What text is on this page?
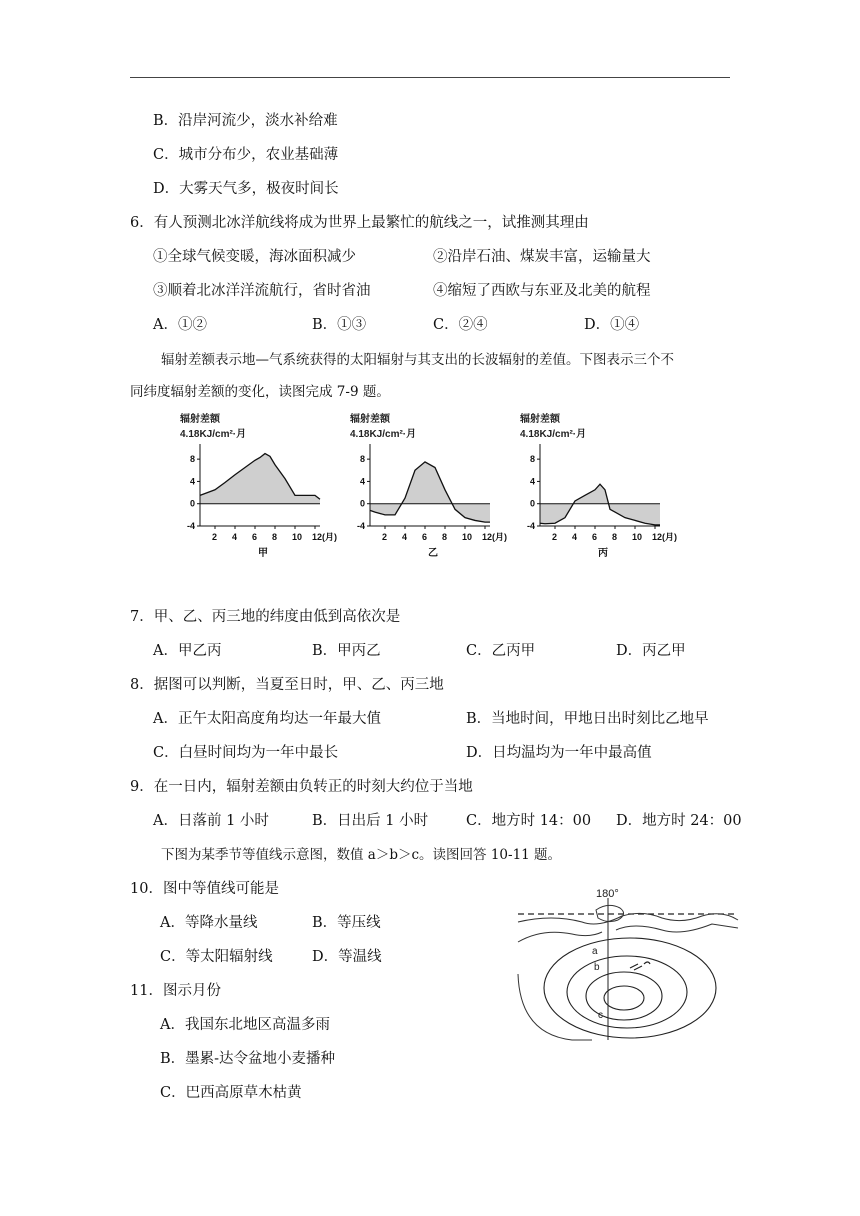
B．沿岸河流少，淡水补给难
C．城市分布少，农业基础薄
D．大雾天气多，极夜时间长
6．有人预测北冰洋航线将成为世界上最繁忙的航线之一，试推测其理由
①全球气候变暖，海冰面积减少	②沿岸石油、煤炭丰富，运输量大
③顺着北冰洋洋流航行，省时省油	④缩短了西欧与东亚及北美的航程
A．①②	B．①③	C．②④	D．①④
辐射差额表示地—气系统获得的太阳辐射与其支出的长波辐射的差值。下图表示三个不
同纬度辐射差额的变化，读图完成 7-9 题。
辐射差额
4.18KJ/cm²·月
8
4
0
-4
2 4 6 8 10 12(月)
甲
辐射差额
4.18KJ/cm²·月
8
4
0
-4
2 4 6 8 10 12(月)
乙
辐射差额
4.18KJ/cm²·月
8
4
0
-4
2 4 6 8 10 12(月)
丙
7．甲、乙、丙三地的纬度由低到高依次是
A．甲乙丙	B．甲丙乙	C．乙丙甲	D．丙乙甲
8．据图可以判断，当夏至日时，甲、乙、丙三地
A．正午太阳高度角均达一年最大值	B．当地时间，甲地日出时刻比乙地早
C．白昼时间均为一年中最长	D．日均温均为一年中最高值
9．在一日内，辐射差额由负转正的时刻大约位于当地
A．日落前 1 小时	B．日出后 1 小时	C．地方时 14：00 D．地方时 24：00
下图为某季节等值线示意图，数值 a＞b＞c。读图回答 10-11 题。
10．图中等值线可能是
A．等降水量线	B．等压线
C．等太阳辐射线	D．等温线
11．图示月份
A．我国东北地区高温多雨
B．墨累-达令盆地小麦播种
C．巴西高原草木枯黄
180°
a
b
c
